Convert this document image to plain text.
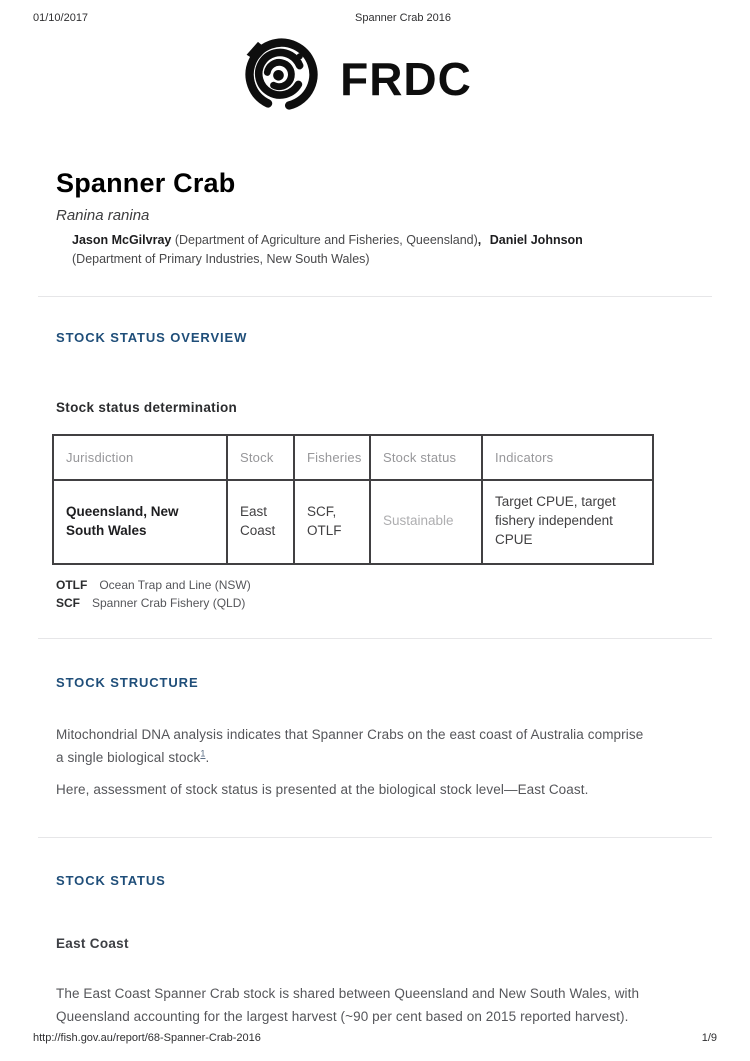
01/10/2017	Spanner Crab 2016
FRDC
Spanner Crab
Ranina ranina

Jason McGilvray (Department of Agriculture and Fisheries, Queensland), Daniel Johnson (Department of Primary Industries, New South Wales)

STOCK STATUS OVERVIEW
Stock status determination
Jurisdiction	Stock	Fisheries	Stock status	Indicators
Queensland, New South Wales	East Coast	SCF, OTLF	Sustainable	Target CPUE, target fishery independent CPUE
OTLF Ocean Trap and Line (NSW)
SCF Spanner Crab Fishery (QLD)
STOCK STRUCTURE

Mitochondrial DNA analysis indicates that Spanner Crabs on the east coast of Australia comprise a single biological stock$^1$.

Here, assessment of stock status is presented at the biological stock level—East Coast.

STOCK STATUS
East Coast

The East Coast Spanner Crab stock is shared between Queensland and New South Wales, with Queensland accounting for the largest harvest (~90 per cent based on 2015 reported harvest).

http://fish.gov.au/report/68-Spanner-Crab-2016	1/9
